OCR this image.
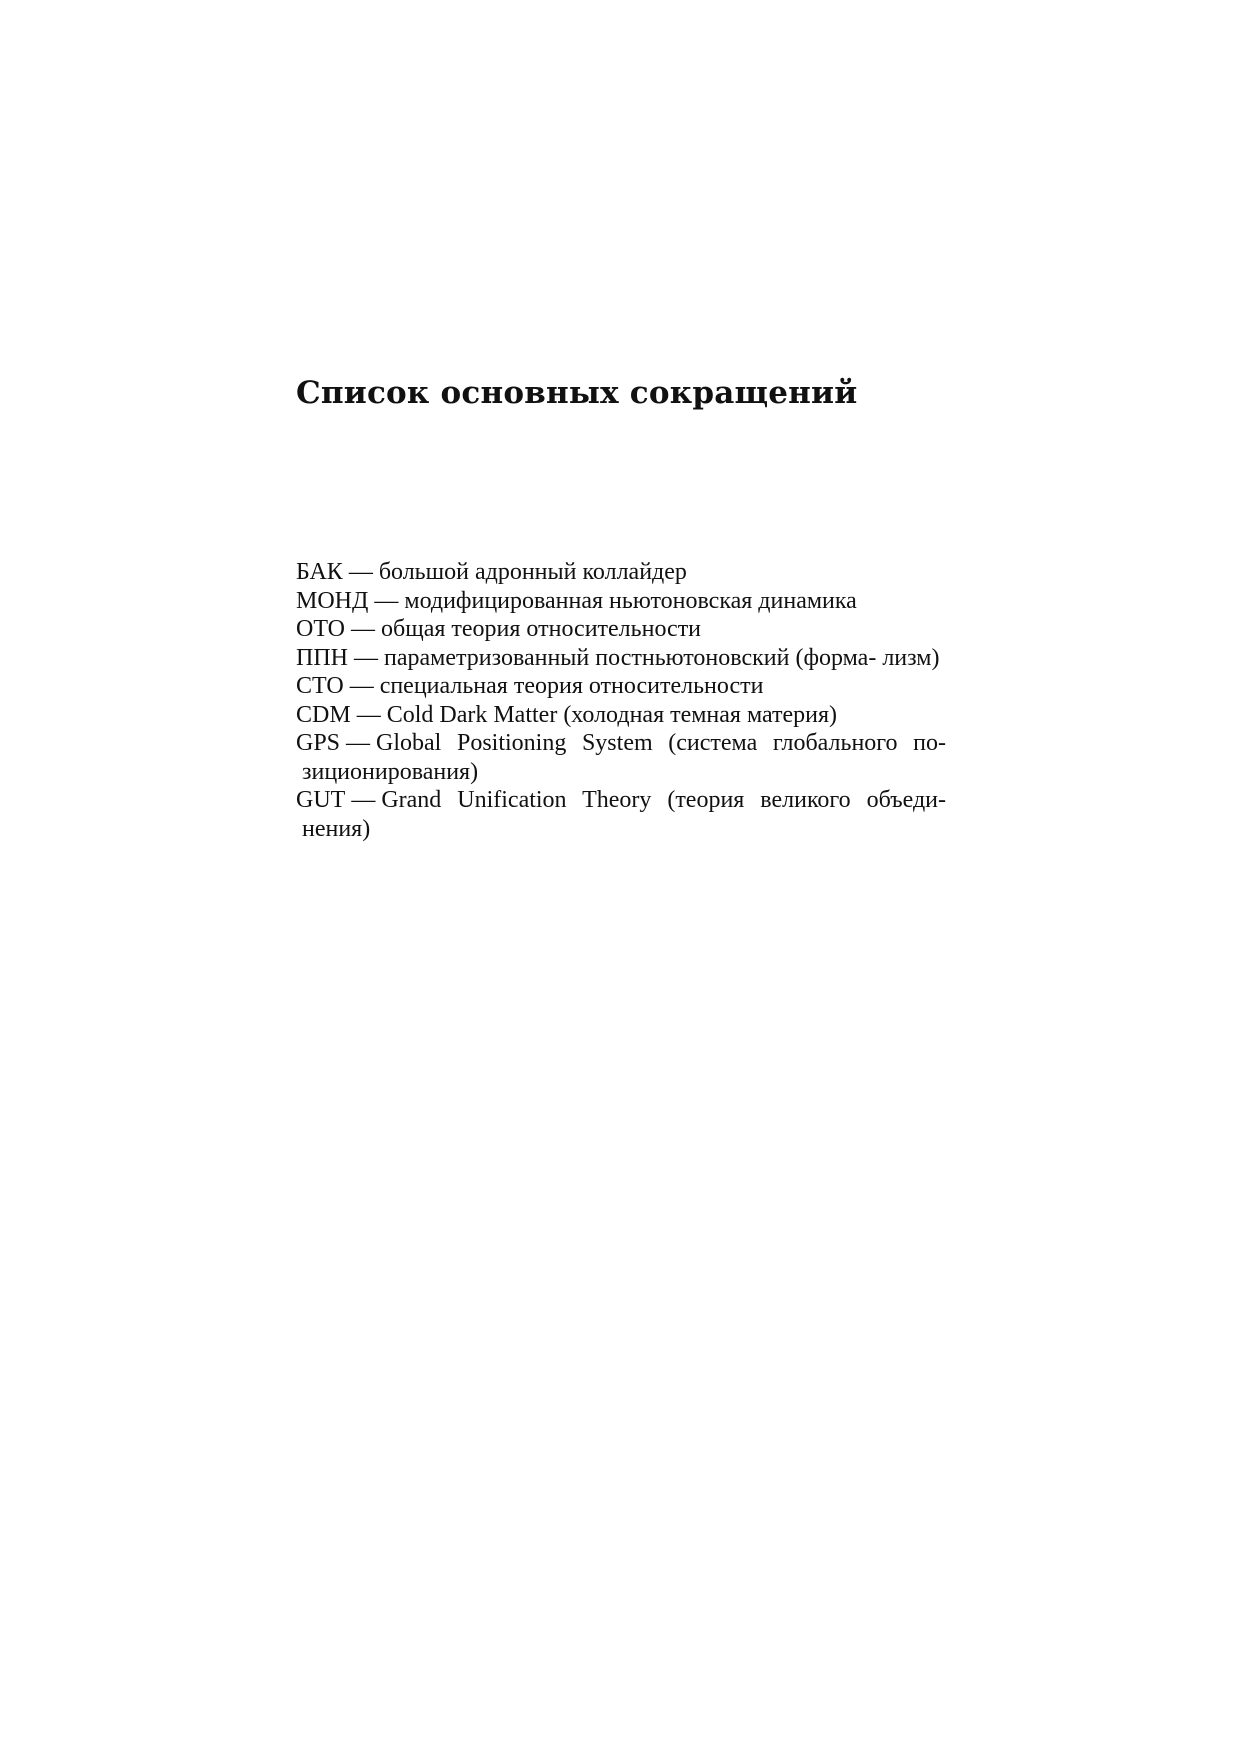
Список основных сокращений
БАК — большой адронный коллайдер
МОНД — модифицированная ньютоновская динамика
ОТО — общая теория относительности
ППН — параметризованный постньютоновский (форма- лизм)
СТО — специальная теория относительности
CDM — Cold Dark Matter (холодная темная материя)
GPS — Global Positioning System (система глобального по- зиционирования)
GUT — Grand Unification Theory (теория великого объеди- нения)
